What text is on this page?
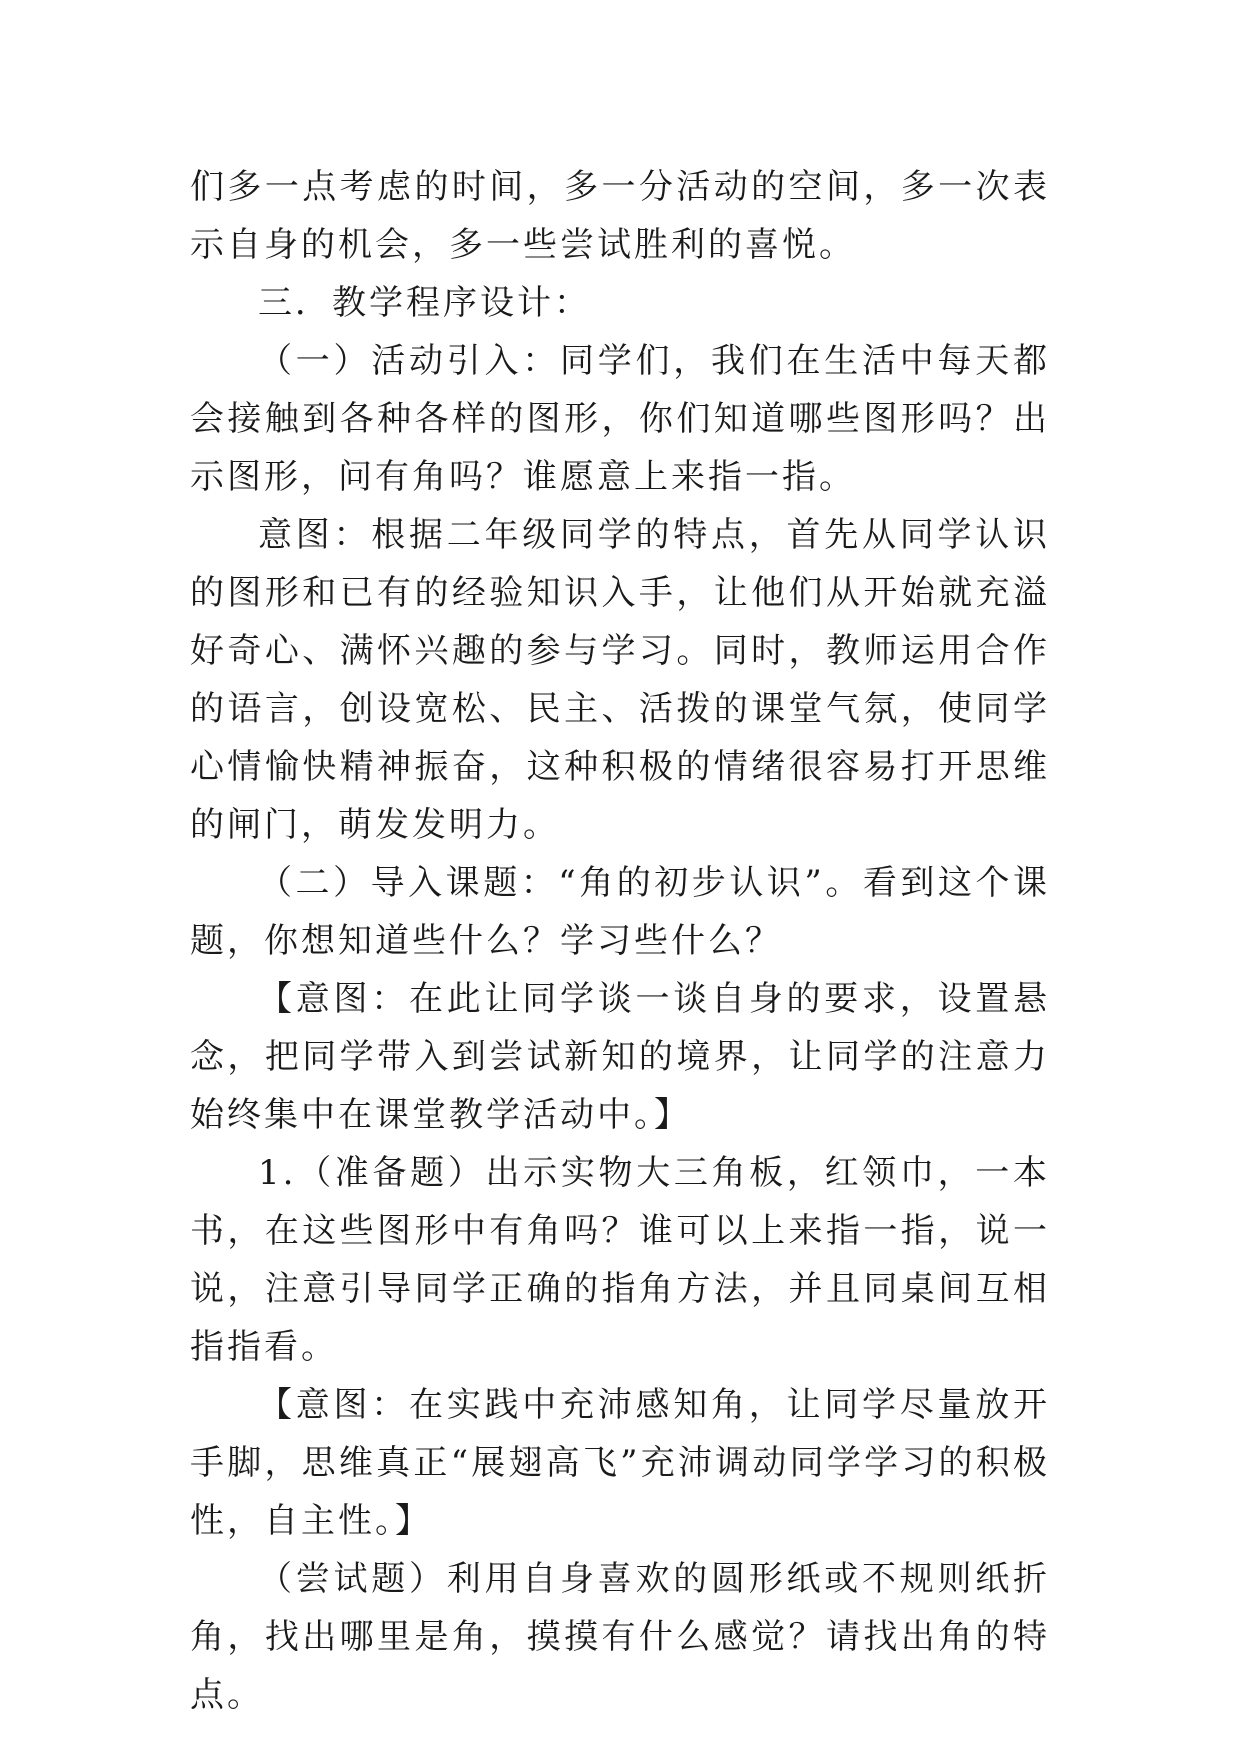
们多一点考虑的时间，多一分活动的空间，多一次表示自身的机会，多一些尝试胜利的喜悦。

三．教学程序设计：

（一）活动引入：同学们，我们在生活中每天都会接触到各种各样的图形，你们知道哪些图形吗？出示图形，问有角吗？谁愿意上来指一指。

意图：根据二年级同学的特点，首先从同学认识的图形和已有的经验知识入手，让他们从开始就充溢好奇心、满怀兴趣的参与学习。同时，教师运用合作的语言，创设宽松、民主、活拨的课堂气氛，使同学心情愉快精神振奋，这种积极的情绪很容易打开思维的闸门，萌发发明力。

（二）导入课题：“角的初步认识”。看到这个课题，你想知道些什么？学习些什么？

【意图：在此让同学谈一谈自身的要求，设置悬念，把同学带入到尝试新知的境界，让同学的注意力始终集中在课堂教学活动中。】

1.（准备题）出示实物大三角板，红领巾，一本书，在这些图形中有角吗？谁可以上来指一指，说一说，注意引导同学正确的指角方法，并且同桌间互相指指看。

【意图：在实践中充沛感知角，让同学尽量放开手脚，思维真正“展翅高飞”充沛调动同学学习的积极性，自主性。】

（尝试题）利用自身喜欢的圆形纸或不规则纸折角，找出哪里是角，摸摸有什么感觉？请找出角的特点。
